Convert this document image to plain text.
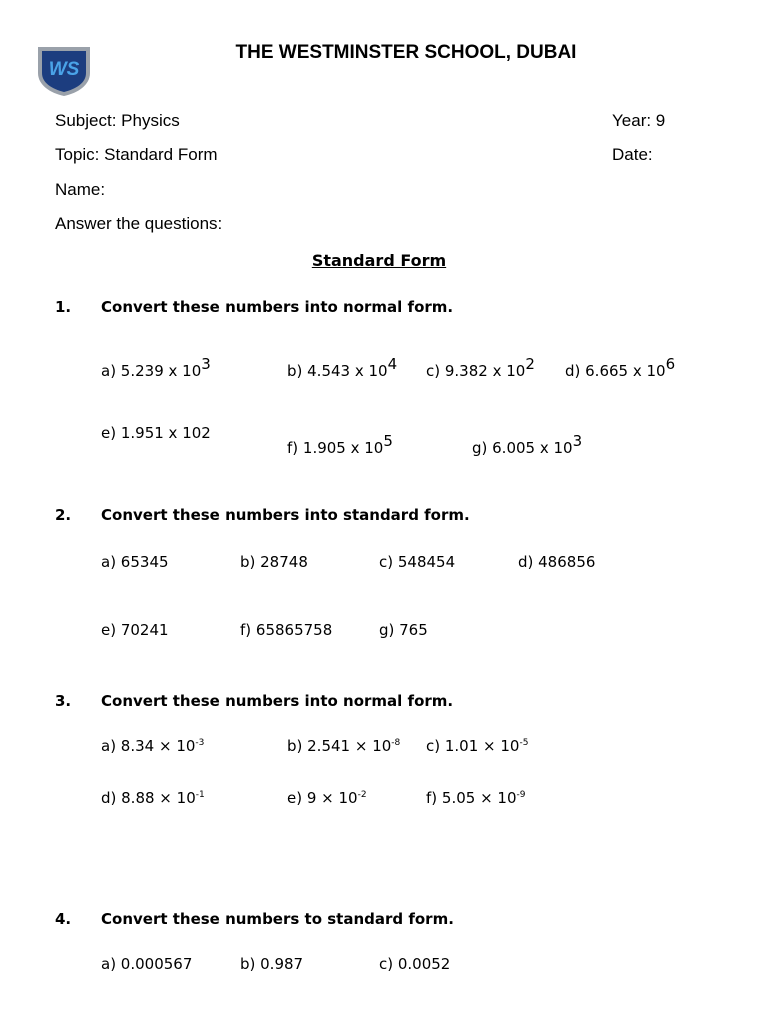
WS
THE WESTMINSTER SCHOOL, DUBAI
Subject: Physics	Year: 9
Topic: Standard Form	Date:
Name:
Answer the questions:
Standard Form
1. Convert these numbers into normal form.
a) 5.239 x $10^3$	b) 4.543 x $10^4$ c) 9.382 x $10^2$ d) 6.665 x $10^6$
e) 1.951 x 102
f) 1.905 x $10^5$	g) 6.005 x $10^3$
2. Convert these numbers into standard form.
a) 65345	b) 28748	c) 548454	d) 486856
e) 70241	f) 65865758	g) 765
3. Convert these numbers into normal form.
a) $8.34 \times 10^{-3}$	b) $2.541 \times 10^{-8}$ c) $1.01 \times 10^{-5}$
d) $8.88 \times 10^{-1}$	e) $9 \times 10^{-2}$	f) $5.05 \times 10^{-9}$
4. Convert these numbers to standard form.
a) 0.000567	b) 0.987	c) 0.0052
